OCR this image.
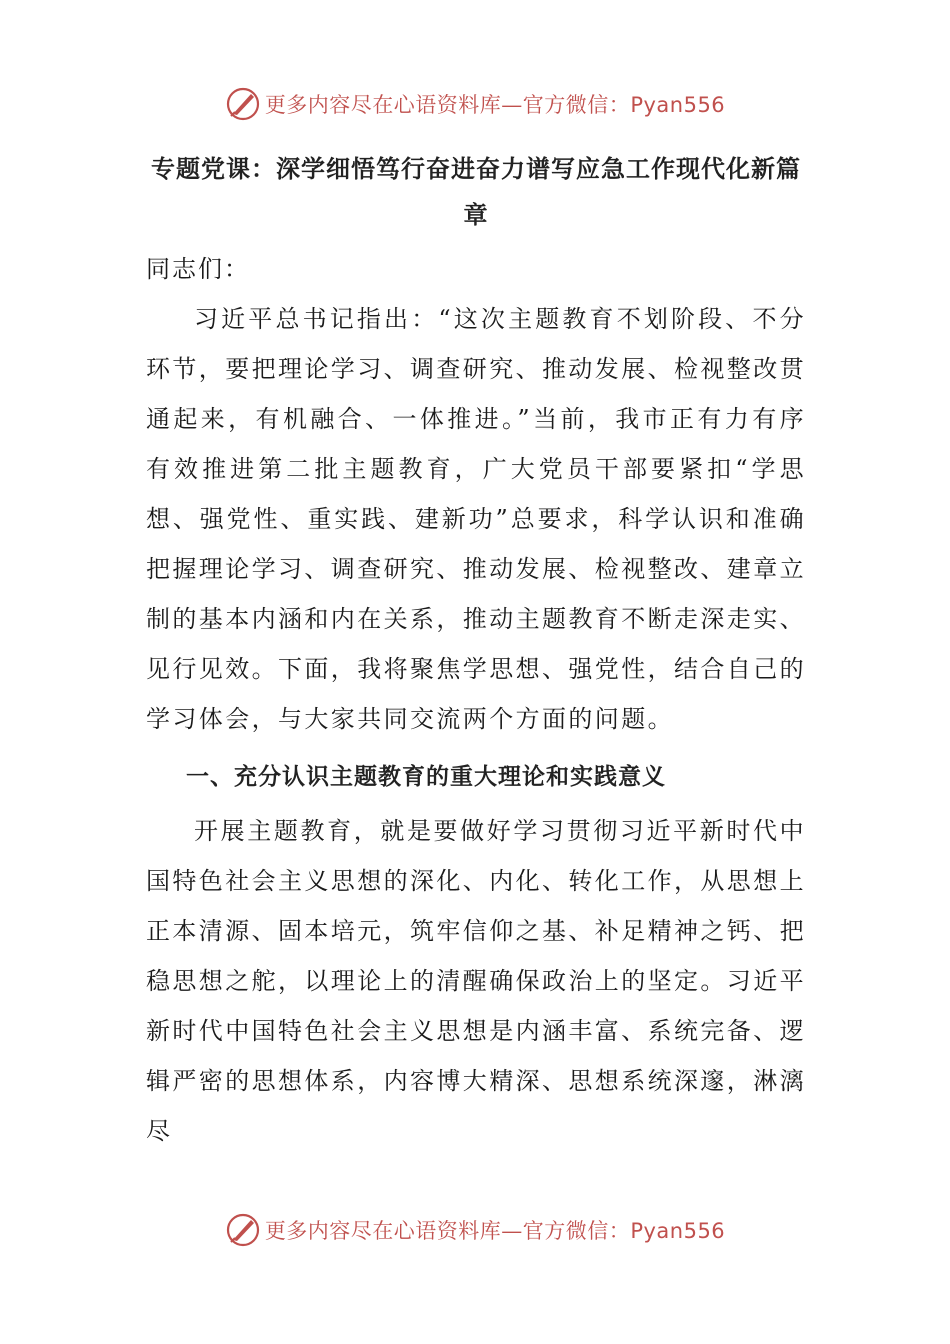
更多内容尽在心语资料库—官方微信：Pyan556
专题党课：深学细悟笃行奋进奋力谱写应急工作现代化新篇章

同志们：

习近平总书记指出：“这次主题教育不划阶段、不分环节，要把理论学习、调查研究、推动发展、检视整改贯通起来，有机融合、一体推进。”当前，我市正有力有序有效推进第二批主题教育，广大党员干部要紧扣“学思想、强党性、重实践、建新功”总要求，科学认识和准确把握理论学习、调查研究、推动发展、检视整改、建章立制的基本内涵和内在关系，推动主题教育不断走深走实、见行见效。下面，我将聚焦学思想、强党性，结合自己的学习体会，与大家共同交流两个方面的问题。

一、充分认识主题教育的重大理论和实践意义

开展主题教育，就是要做好学习贯彻习近平新时代中国特色社会主义思想的深化、内化、转化工作，从思想上正本清源、固本培元，筑牢信仰之基、补足精神之钙、把稳思想之舵，以理论上的清醒确保政治上的坚定。习近平新时代中国特色社会主义思想是内涵丰富、系统完备、逻辑严密的思想体系，内容博大精深、思想系统深邃，淋漓尽

更多内容尽在心语资料库—官方微信：Pyan556
